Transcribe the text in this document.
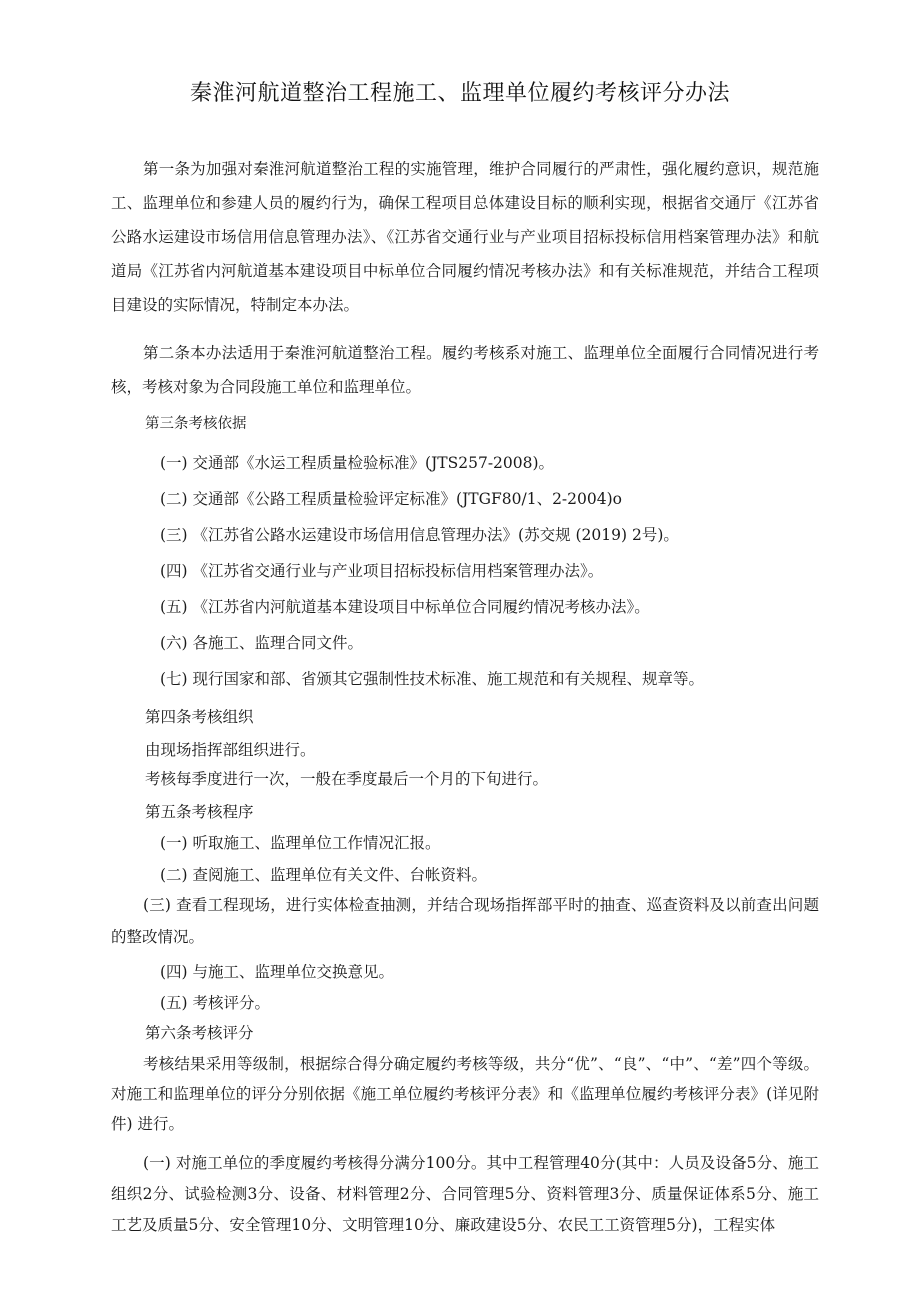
秦淮河航道整治工程施工、监理单位履约考核评分办法

第一条为加强对秦淮河航道整治工程的实施管理，维护合同履行的严肃性，强化履约意识，规范施工、监理单位和参建人员的履约行为，确保工程项目总体建设目标的顺利实现，根据省交通厅《江苏省公路水运建设市场信用信息管理办法》、《江苏省交通行业与产业项目招标投标信用档案管理办法》和航道局《江苏省内河航道基本建设项目中标单位合同履约情况考核办法》和有关标准规范，并结合工程项目建设的实际情况，特制定本办法。

第二条本办法适用于秦淮河航道整治工程。履约考核系对施工、监理单位全面履行合同情况进行考核，考核对象为合同段施工单位和监理单位。

第三条考核依据
(一) 交通部《水运工程质量检验标准》(JTS257-2008)。
(二) 交通部《公路工程质量检验评定标准》(JTGF80/1、2-2004)o
(三) 《江苏省公路水运建设市场信用信息管理办法》(苏交规 (2019) 2号)。
(四) 《江苏省交通行业与产业项目招标投标信用档案管理办法》。
(五) 《江苏省内河航道基本建设项目中标单位合同履约情况考核办法》。
(六) 各施工、监理合同文件。
(七) 现行国家和部、省颁其它强制性技术标准、施工规范和有关规程、规章等。
第四条考核组织
由现场指挥部组织进行。
考核每季度进行一次，一般在季度最后一个月的下旬进行。
第五条考核程序
(一) 听取施工、监理单位工作情况汇报。
(二) 查阅施工、监理单位有关文件、台帐资料。

(三) 查看工程现场，进行实体检查抽测，并结合现场指挥部平时的抽查、巡查资料及以前查出问题的整改情况。

(四) 与施工、监理单位交换意见。
(五) 考核评分。
第六条考核评分

考核结果采用等级制，根据综合得分确定履约考核等级，共分“优”、“良”、“中”、“差”四个等级。对施工和监理单位的评分分别依据《施工单位履约考核评分表》和《监理单位履约考核评分表》(详见附件) 进行。

(一) 对施工单位的季度履约考核得分满分100分。其中工程管理40分(其中：人员及设备5分、施工组织2分、试验检测3分、设备、材料管理2分、合同管理5分、资料管理3分、质量保证体系5分、施工工艺及质量5分、安全管理10分、文明管理10分、廉政建设5分、农民工工资管理5分)，工程实体
